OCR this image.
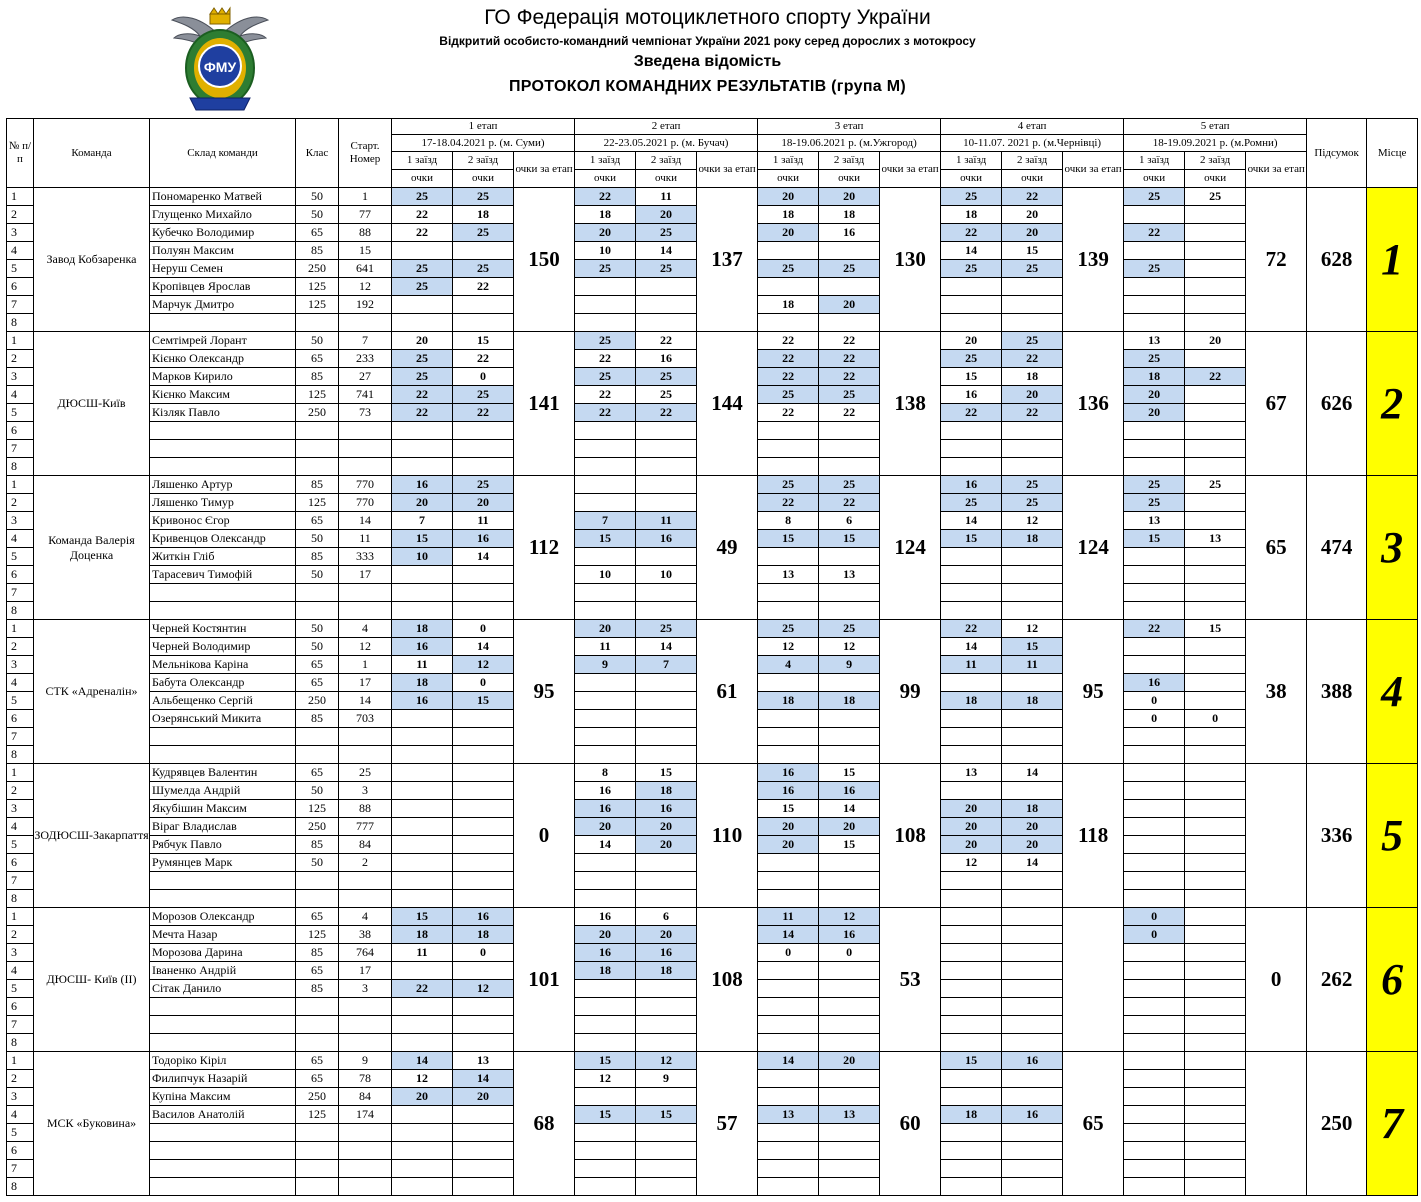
ФМУ
ГО Федерація мотоциклетного спорту України
Відкритий особисто-командний чемпіонат України 2021 року серед дорослих з мотокросу
Зведена відомість
ПРОТОКОЛ КОМАНДНИХ РЕЗУЛЬТАТІВ (група М)
№ п/п	Команда	Склад команди	Клас	Старт. Номер	1 етап			2 етап			3 етап			4 етап			5 етап			Підсумок	Місце
					17-18.04.2021 р. (м. Суми)			22-23.05.2021 р. (м. Бучач)			18-19.06.2021 р. (м.Ужгород)			10-11.07. 2021 р. (м.Чернівці)			18-19.09.2021 р. (м.Ромни)				
					1 заїзд	2 заїзд	очки за етап	1 заїзд	2 заїзд	очки за етап	1 заїзд	2 заїзд	очки за етап	1 заїзд	2 заїзд	очки за етап	1 заїзд	2 заїзд	очки за етап		
					очки	очки		очки	очки		очки	очки		очки	очки		очки	очки			
1	Завод Кобзаренка	Пономаренко Матвей	50	1	25	25	150	22	11	137	20	20	130	25	22	139	25	25	72	628	1
2		Глущенко Михайло	50	77	22	18		18	20		18	18		18	20						
3		Кубечко Володимир	65	88	22	25		20	25		20	16		22	20		22				
4		Полуян Максим	85	15				10	14					14	15						
5		Неруш Семен	250	641	25	25		25	25		25	25		25	25		25				
6		Кропівцев Ярослав	125	12	25	22															
7		Марчук Дмитро	125	192							18	20									
8																					
1	ДЮСШ-Київ	Семтімрей Лорант	50	7	20	15	141	25	22	144	22	22	138	20	25	136	13	20	67	626	2
2		Кієнко Олександр	65	233	25	22		22	16		22	22		25	22		25				
3		Марков Кирило	85	27	25	0		25	25		22	22		15	18		18	22			
4		Кієнко Максим	125	741	22	25		22	25		25	25		16	20		20				
5		Кізляк Павло	250	73	22	22		22	22		22	22		22	22		20				
6																					
7																					
8																					
1	Команда Валерія Доценка	Ляшенко Артур	85	770	16	25	112			49	25	25	124	16	25	124	25	25	65	474	3
2		Ляшенко Тимур	125	770	20	20					22	22		25	25		25				
3		Кривонос Єгор	65	14	7	11		7	11		8	6		14	12		13				
4		Кривенцов Олександр	50	11	15	16		15	16		15	15		15	18		15	13			
5		Житкін Гліб	85	333	10	14															
6		Тарасевич Тимофій	50	17				10	10		13	13									
7																					
8																					
1	СТК «Адреналін»	Черней Костянтин	50	4	18	0	95	20	25	61	25	25	99	22	12	95	22	15	38	388	4
2		Черней Володимир	50	12	16	14		11	14		12	12		14	15						
3		Мельнікова Каріна	65	1	11	12		9	7		4	9		11	11						
4		Бабута Олександр	65	17	18	0											16				
5		Альбещенко Сергій	250	14	16	15					18	18		18	18		0				
6		Озерянський Микита	85	703													0	0			
7																					
8																					
1	ЗОДЮСШ-Закарпаття	Кудрявцев Валентин	65	25			0	8	15	110	16	15	108	13	14	118				336	5
2		Шумелда Андрій	50	3				16	18		16	16									
3		Якубішин Максим	125	88				16	16		15	14		20	18						
4		Віраг Владислав	250	777				20	20		20	20		20	20						
5		Рябчук Павло	85	84				14	20		20	15		20	20						
6		Румянцев Марк	50	2										12	14						
7																					
8																					
1	ДЮСШ- Київ (ІІ)	Морозов Олександр	65	4	15	16	101	16	6	108	11	12	53				0		0	262	6
2		Мечта Назар	125	38	18	18		20	20		14	16					0				
3		Морозова Дарина	85	764	11	0		16	16		0	0									
4		Іваненко Андрій	65	17				18	18												
5		Сітак Данило	85	3	22	12															
6																					
7																					
8																					
1	МСК «Буковина»	Тодоріко Кіріл	65	9	14	13	68	15	12	57	14	20	60	15	16	65				250	7
2		Филипчук Назарій	65	78	12	14		12	9												
3		Купіна Максим	250	84	20	20															
4		Василов Анатолій	125	174				15	15		13	13		18	16						
5																					
6																					
7																					
8																					
